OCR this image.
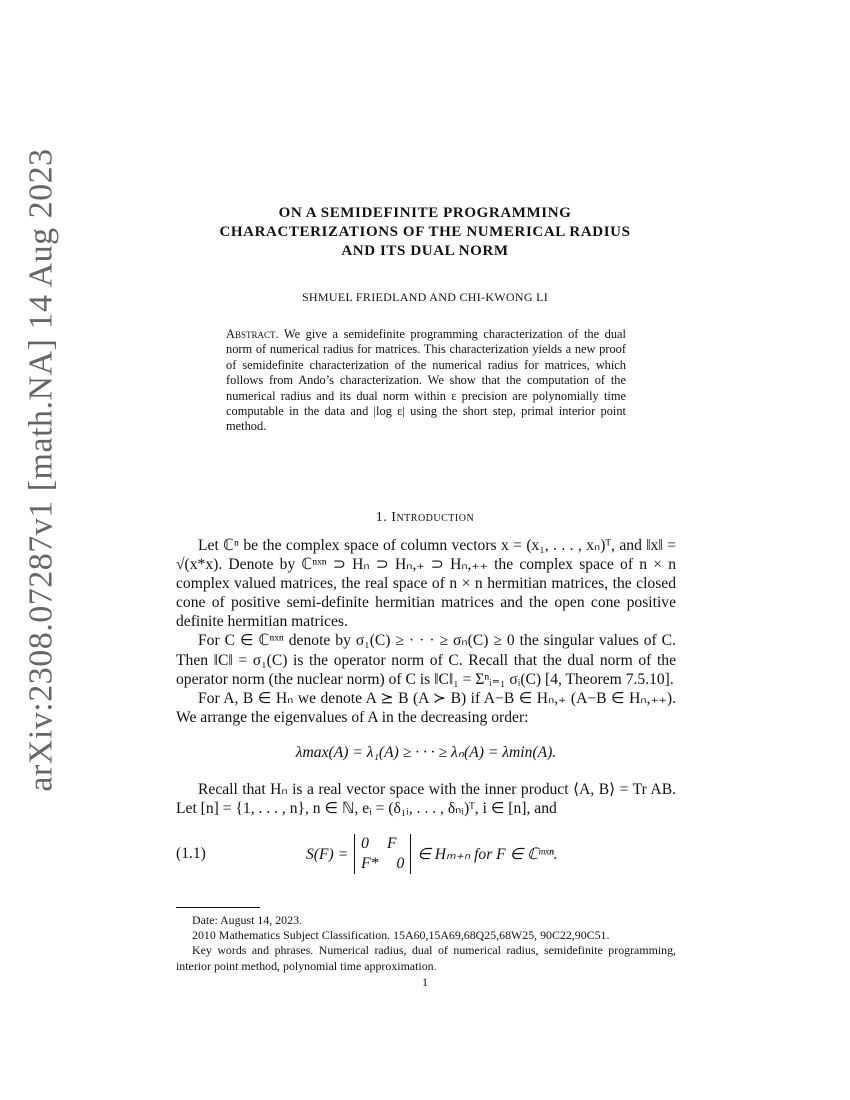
arXiv:2308.07287v1 [math.NA] 14 Aug 2023	ON A SEMIDEFINITE PROGRAMMING
CHARACTERIZATIONS OF THE NUMERICAL RADIUS
AND ITS DUAL NORM
SHMUEL FRIEDLAND AND CHI-KWONG LI
Abstract. We give a semidefinite programming characterization of the dual norm of numerical radius for matrices. This characterization yields a new proof of semidefinite characterization of the numerical radius for matrices, which follows from Ando’s characterization. We show that the computation of the numerical radius and its dual norm within ε precision are polynomially time computable in the data and |log ε| using the short step, primal interior point method.
1. Introduction

Let ℂⁿ be the complex space of column vectors x = (x₁, . . . , xₙ)ᵀ, and ‖x‖ = √(x*x). Denote by ℂⁿˣⁿ ⊃ Hₙ ⊃ Hₙ,₊ ⊃ Hₙ,₊₊ the complex space of n × n complex valued matrices, the real space of n × n hermitian matrices, the closed cone of positive semi-definite hermitian matrices and the open cone positive definite hermitian matrices.

For C ∈ ℂⁿˣⁿ denote by σ₁(C) ≥ · · · ≥ σₙ(C) ≥ 0 the singular values of C. Then ‖C‖ = σ₁(C) is the operator norm of C. Recall that the dual norm of the operator norm (the nuclear norm) of C is ‖C‖₁ = Σⁿᵢ₌₁ σᵢ(C) [4, Theorem 7.5.10].

For A, B ∈ Hₙ we denote A ⪰ B (A ≻ B) if A−B ∈ Hₙ,₊ (A−B ∈ Hₙ,₊₊). We arrange the eigenvalues of A in the decreasing order:

λmax(A) = λ₁(A) ≥ · · · ≥ λₙ(A) = λmin(A).

Recall that Hₙ is a real vector space with the inner product ⟨A, B⟩ = Tr AB. Let [n] = {1, . . . , n}, n ∈ ℕ, eᵢ = (δ₁ᵢ, . . . , δₙᵢ)ᵀ, i ∈ [n], and

(1.1)	S(F) =
0 F
F* 0
∈ Hₘ₊ₙ for F ∈ ℂᵐˣⁿ.

Date: August 14, 2023.

2010 Mathematics Subject Classification. 15A60,15A69,68Q25,68W25, 90C22,90C51.

Key words and phrases. Numerical radius, dual of numerical radius, semidefinite programming, interior point method, polynomial time approximation.

1
